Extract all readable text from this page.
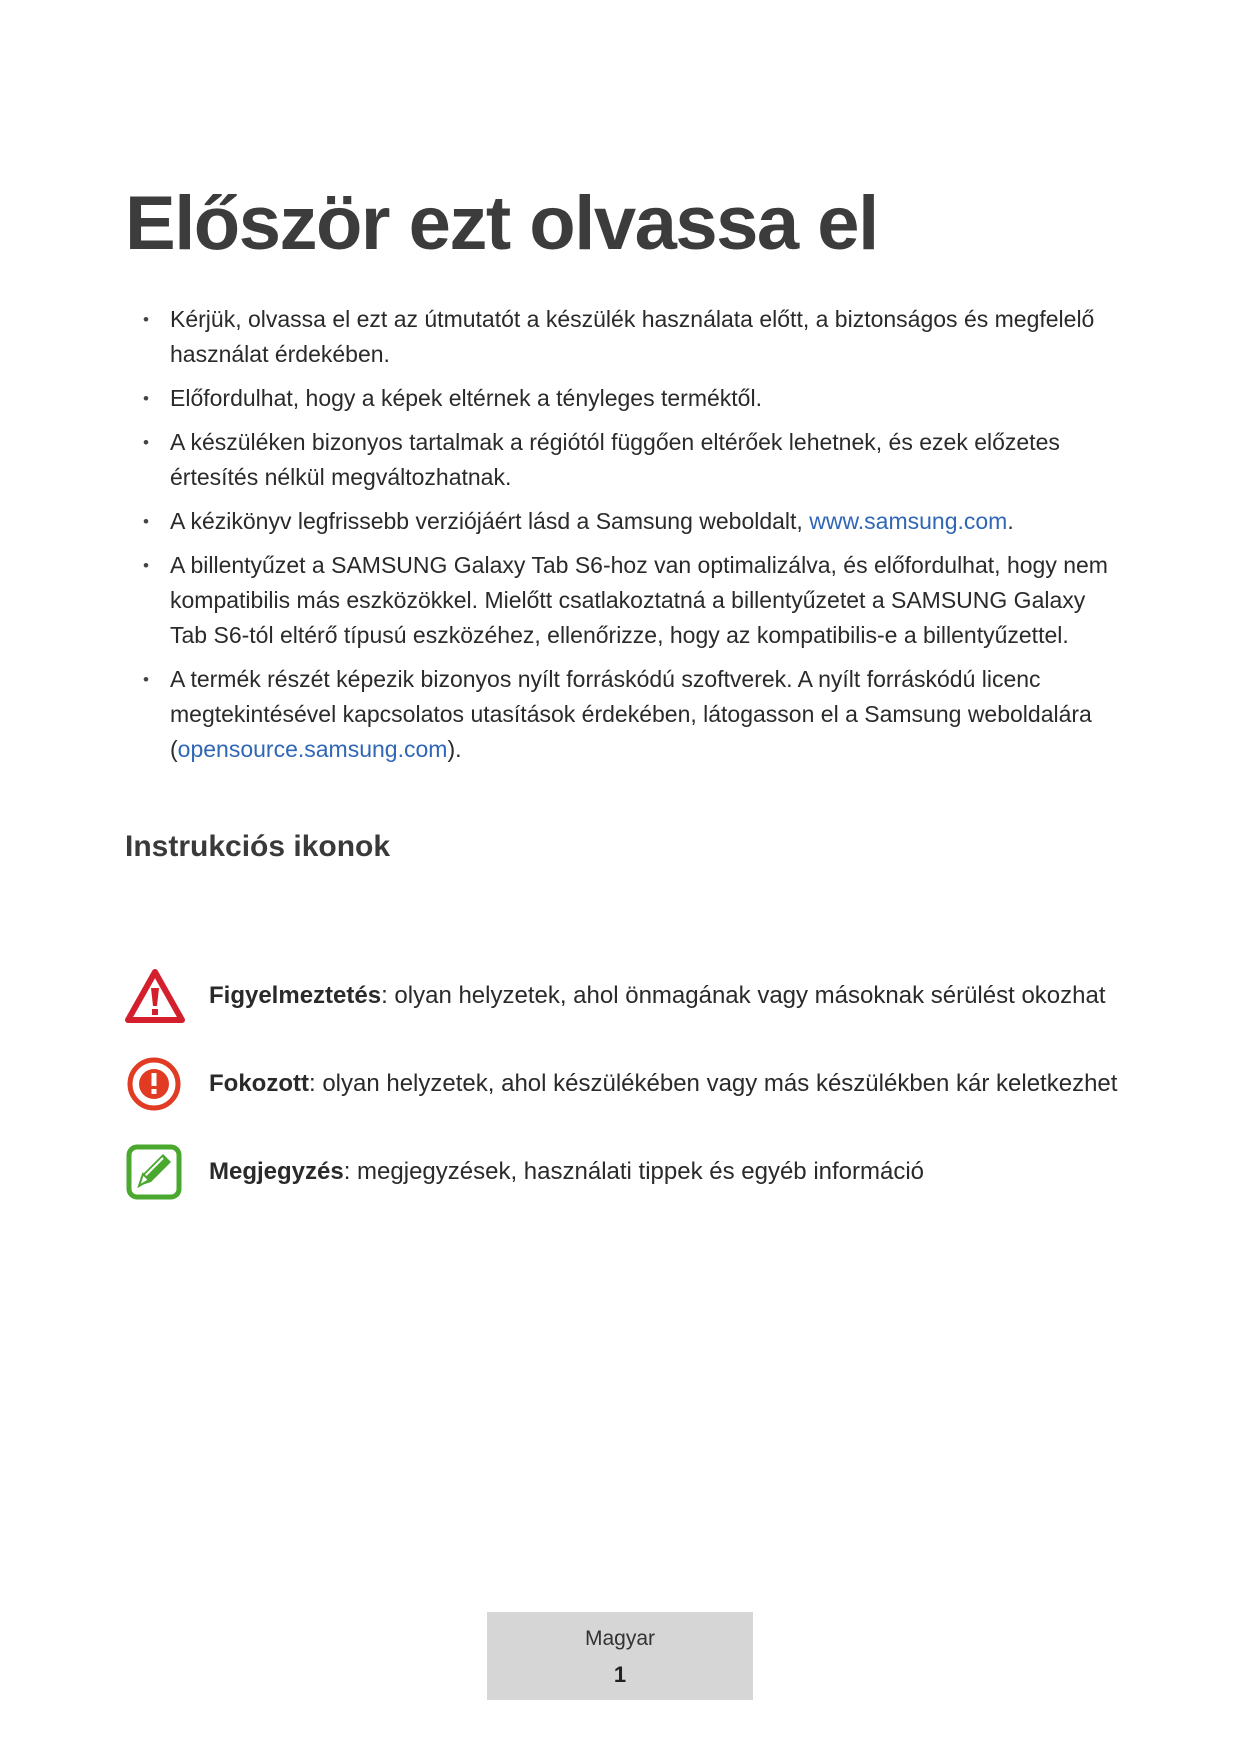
Először ezt olvassa el
• Kérjük, olvassa el ezt az útmutatót a készülék használata előtt, a biztonságos és megfelelő használat érdekében.
• Előfordulhat, hogy a képek eltérnek a tényleges terméktől.
• A készüléken bizonyos tartalmak a régiótól függően eltérőek lehetnek, és ezek előzetes értesítés nélkül megváltozhatnak.
• A kézikönyv legfrissebb verziójáért lásd a Samsung weboldalt, www.samsung.com.
• A billentyűzet a SAMSUNG Galaxy Tab S6-hoz van optimalizálva, és előfordulhat, hogy nem kompatibilis más eszközökkel. Mielőtt csatlakoztatná a billentyűzetet a SAMSUNG Galaxy Tab S6-tól eltérő típusú eszközéhez, ellenőrizze, hogy az kompatibilis-e a billentyűzettel.
• A termék részét képezik bizonyos nyílt forráskódú szoftverek. A nyílt forráskódú licenc megtekintésével kapcsolatos utasítások érdekében, látogasson el a Samsung weboldalára (opensource.samsung.com).
Instrukciós ikonok
Figyelmeztetés: olyan helyzetek, ahol önmagának vagy másoknak sérülést okozhat
Fokozott: olyan helyzetek, ahol készülékében vagy más készülékben kár keletkezhet
Megjegyzés: megjegyzések, használati tippek és egyéb információ
Magyar
1
